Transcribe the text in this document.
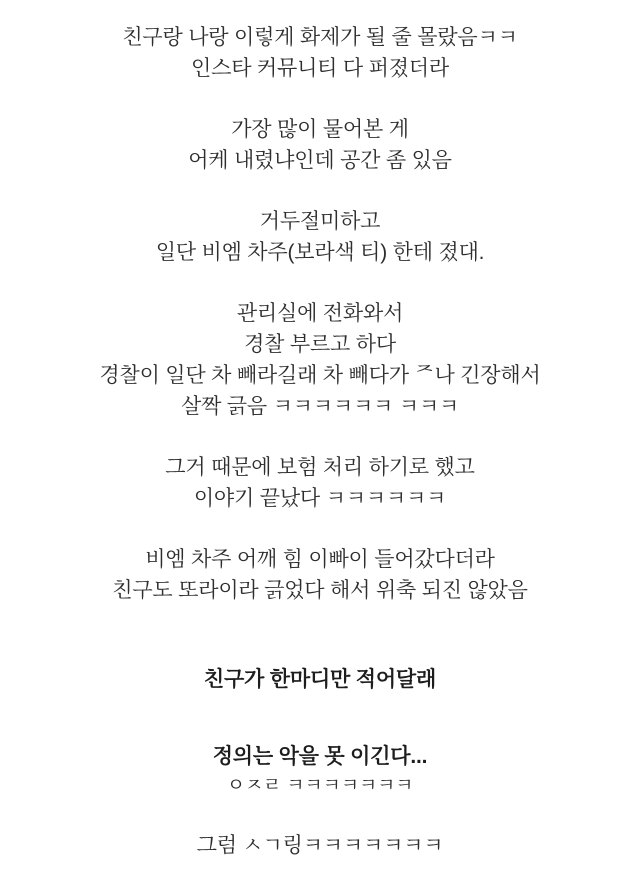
친구랑 나랑 이렇게 화제가 될 줄 몰랐음ㅋㅋ
인스타 커뮤니티 다 퍼졌더라
가장 많이 물어본 게
어케 내렸냐인데 공간 좀 있음
거두절미하고
일단 비엠 차주(보라색 티) 한테 졌대.
관리실에 전화와서
경찰 부르고 하다
경찰이 일단 차 빼라길래 차 빼다가 ᄌ나 긴장해서
살짝 긁음 ㅋㅋㅋㅋㅋㅋ ㅋㅋㅋ
그거 때문에 보험 처리 하기로 했고
이야기 끝났다 ㅋㅋㅋㅋㅋㅋ
비엠 차주 어깨 힘 이빠이 들어갔다더라
친구도 또라이라 긁었다 해서 위축 되진 않았음
친구가 한마디만 적어달래
정의는 악을 못 이긴다...
ㅇㅈㄹ ㅋㅋㅋㅋㅋㅋㅋ
그럼 ㅅㄱ링ㅋㅋㅋㅋㅋㅋㅋ
